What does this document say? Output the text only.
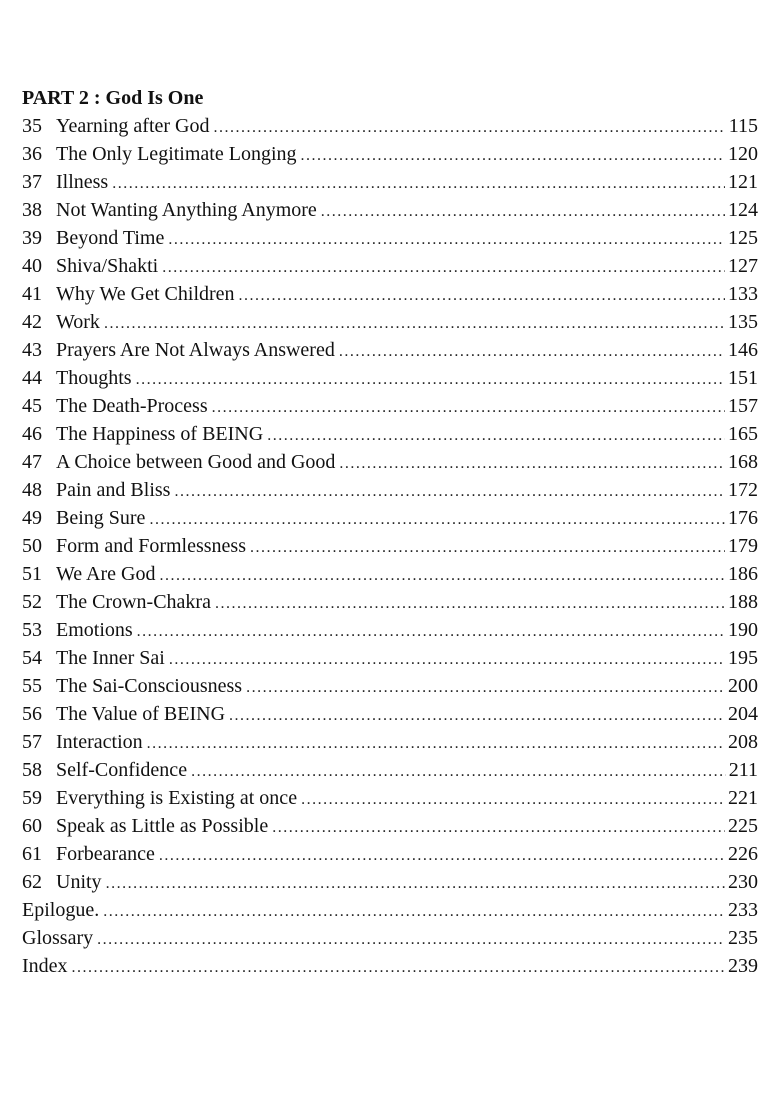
PART 2 : God Is One
35 Yearning after God .....	115
36 The Only Legitimate Longing .....	120
37 Illness .....	121
38 Not Wanting Anything Anymore .....	124
39 Beyond Time .....	125
40 Shiva/Shakti .....	127
41 Why We Get Children .....	133
42 Work .....	135
43 Prayers Are Not Always Answered .....	146
44 Thoughts .....	151
45 The Death-Process .....	157
46 The Happiness of BEING .....	165
47 A Choice between Good and Good .....	168
48 Pain and Bliss .....	172
49 Being Sure .....	176
50 Form and Formlessness .....	179
51 We Are God .....	186
52 The Crown-Chakra .....	188
53 Emotions .....	190
54 The Inner Sai .....	195
55 The Sai-Consciousness .....	200
56 The Value of BEING .....	204
57 Interaction .....	208
58 Self-Confidence .....	211
59 Everything is Existing at once .....	221
60 Speak as Little as Possible .....	225
61 Forbearance .....	226
62 Unity .....	230
Epilogue. .....	233
Glossary .....	235
Index .....	239
